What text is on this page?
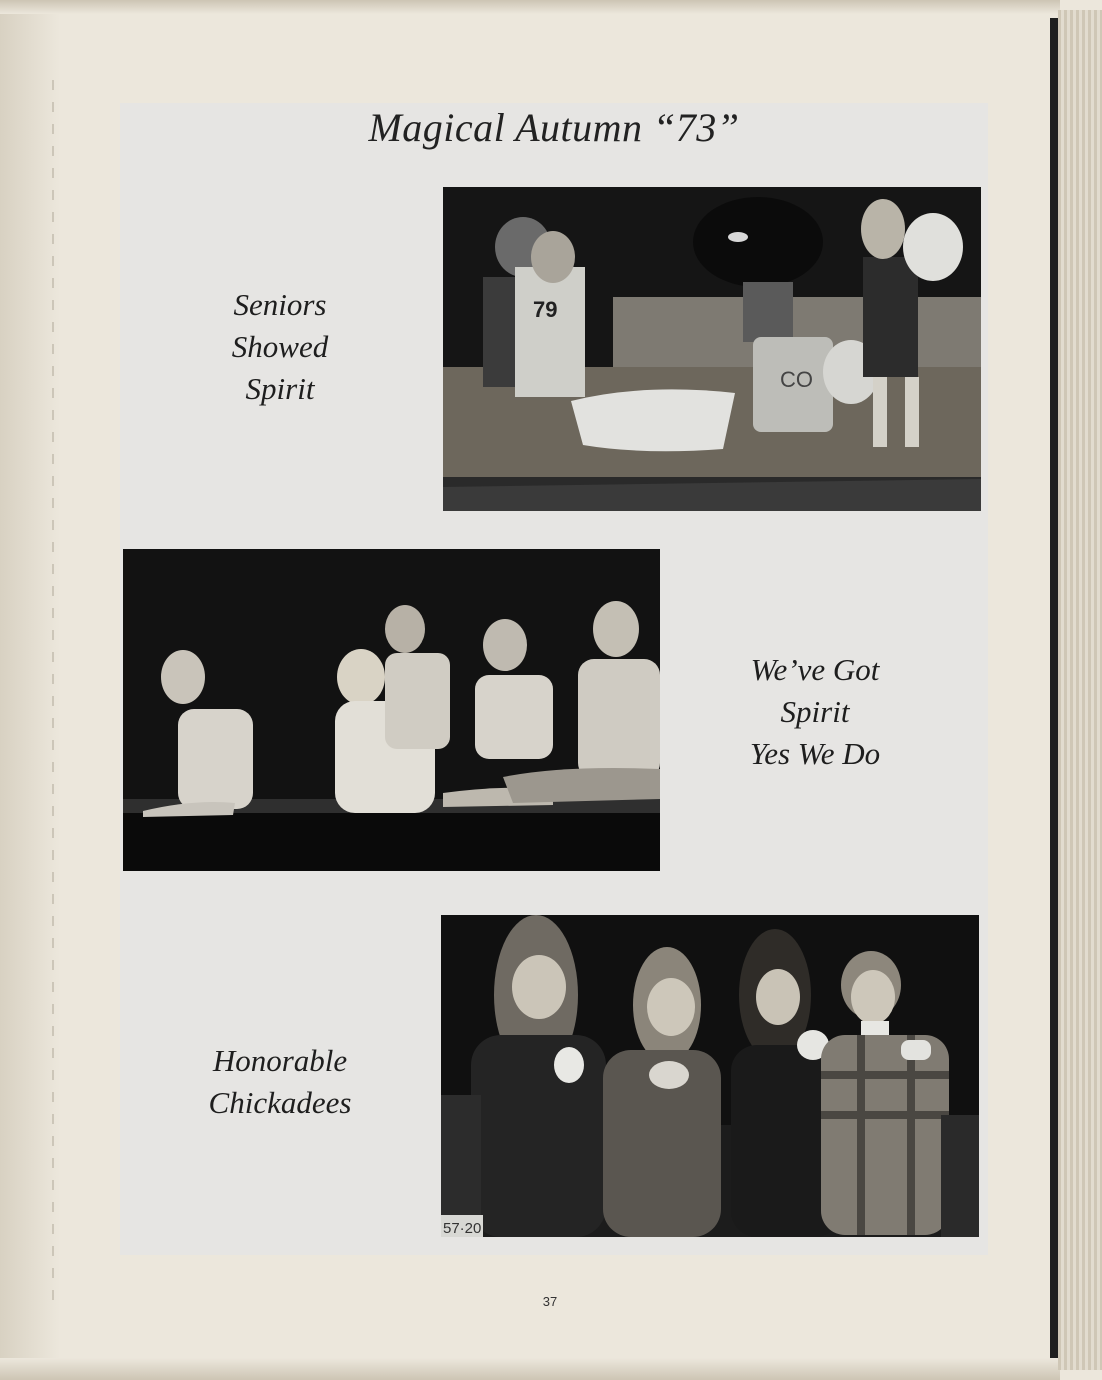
Magical Autumn “73”
79
CO
Seniors
Showed
Spirit
We’ve Got
Spirit
Yes We Do
57·20
Honorable
Chickadees
37
